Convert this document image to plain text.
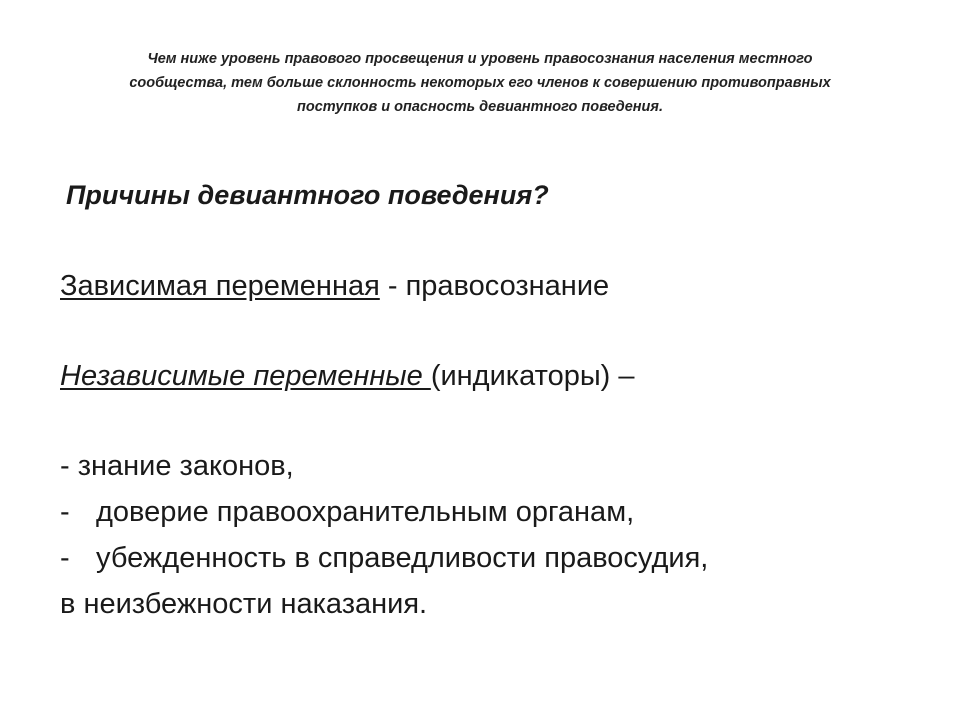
Чем ниже уровень правового просвещения и уровень правосознания населения местного
сообщества, тем больше склонность некоторых его членов к совершению противоправных
поступков и опасность девиантного поведения.
Причины девиантного поведения?
Зависимая переменная - правосознание
Независимые переменные (индикаторы) –
- знание законов,
- доверие правоохранительным органам,
- убежденность в справедливости правосудия,
в неизбежности наказания.
